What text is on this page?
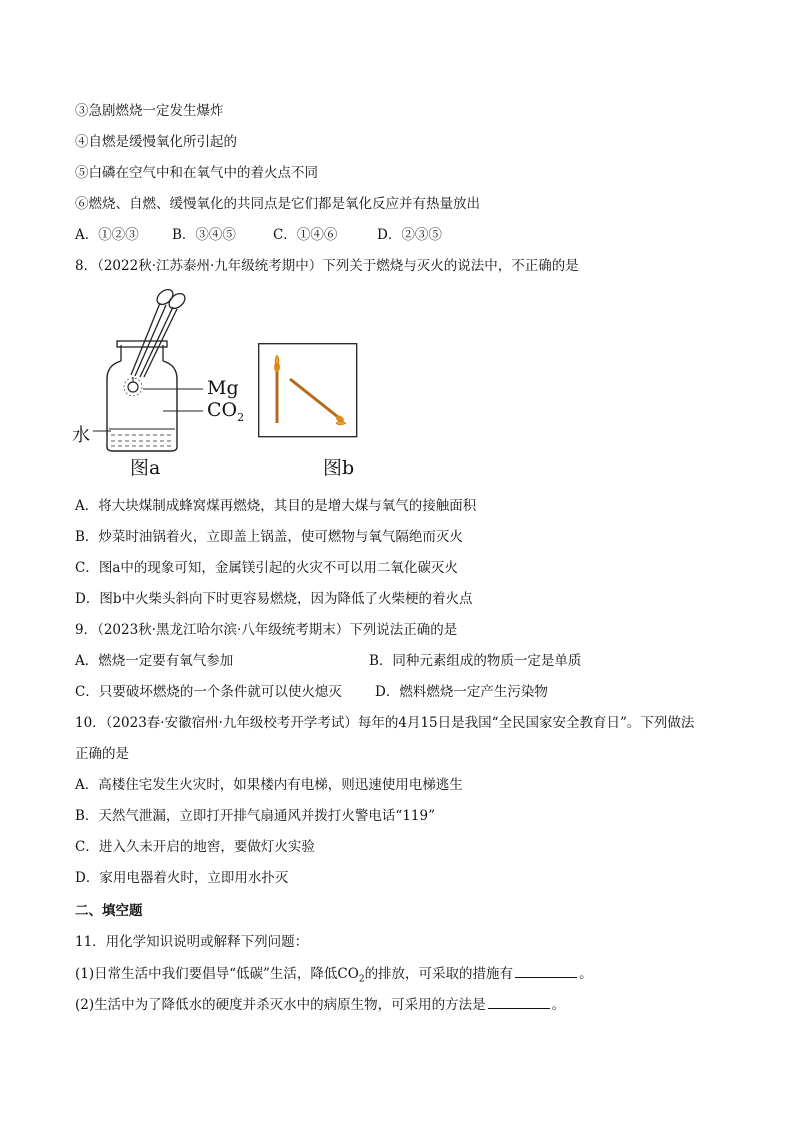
③急剧燃烧一定发生爆炸
④自燃是缓慢氧化所引起的
⑤白磷在空气中和在氧气中的着火点不同
⑥燃烧、自燃、缓慢氧化的共同点是它们都是氧化反应并有热量放出
A．①②③ B．③④⑤	C．①④⑥	D．②③⑤
8．（2022秋·江苏泰州·九年级统考期中）下列关于燃烧与灭火的说法中，不正确的是
Mg
$CO_2$
水
图a	图b
A．将大块煤制成蜂窝煤再燃烧，其目的是增大煤与氧气的接触面积
B．炒菜时油锅着火，立即盖上锅盖，使可燃物与氧气隔绝而灭火
C．图a中的现象可知，金属镁引起的火灾不可以用二氧化碳灭火
D．图b中火柴头斜向下时更容易燃烧，因为降低了火柴梗的着火点
9．（2023秋·黑龙江哈尔滨·八年级统考期末）下列说法正确的是
A．燃烧一定要有氧气参加	B．同种元素组成的物质一定是单质
C．只要破坏燃烧的一个条件就可以使火熄灭 D．燃料燃烧一定产生污染物
10．（2023春·安徽宿州·九年级校考开学考试）每年的4月15日是我国“全民国家安全教育日”。下列做法
正确的是
A．高楼住宅发生火灾时，如果楼内有电梯，则迅速使用电梯逃生
B．天然气泄漏，立即打开排气扇通风并拨打火警电话“119”
C．进入久未开启的地窖，要做灯火实验
D．家用电器着火时，立即用水扑灭
二、填空题
11．用化学知识说明或解释下列问题：
(1)日常生活中我们要倡导“低碳”生活，降低$CO_2$的排放，可采取的措施有	。
(2)生活中为了降低水的硬度并杀灭水中的病原生物，可采用的方法是	。
